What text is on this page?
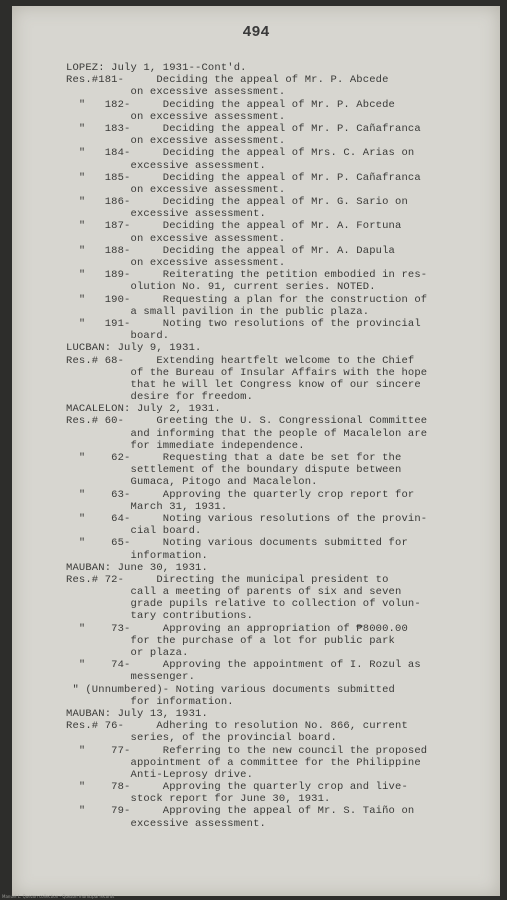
494
LOPEZ: July 1, 1931--Cont'd.
Res.#181-     Deciding the appeal of Mr. P. Abcede
on excessive assessment.
"   182-     Deciding the appeal of Mr. P. Abcede
on excessive assessment.
"   183-     Deciding the appeal of Mr. P. Cañafranca
on excessive assessment.
"   184-     Deciding the appeal of Mrs. C. Arias on
excessive assessment.
"   185-     Deciding the appeal of Mr. P. Cañafranca
on excessive assessment.
"   186-     Deciding the appeal of Mr. G. Sario on
excessive assessment.
"   187-     Deciding the appeal of Mr. A. Fortuna
on excessive assessment.
"   188-     Deciding the appeal of Mr. A. Dapula
on excessive assessment.
"   189-     Reiterating the petition embodied in res-
olution No. 91, current series. NOTED.
"   190-     Requesting a plan for the construction of
a small pavilion in the public plaza.
"   191-     Noting two resolutions of the provincial
board.
LUCBAN: July 9, 1931.
Res.# 68-     Extending heartfelt welcome to the Chief
of the Bureau of Insular Affairs with the hope
that he will let Congress know of our sincere
desire for freedom.
MACALELON: July 2, 1931.
Res.# 60-     Greeting the U. S. Congressional Committee
and informing that the people of Macalelon are
for immediate independence.
"    62-     Requesting that a date be set for the
settlement of the boundary dispute between
Gumaca, Pitogo and Macalelon.
"    63-     Approving the quarterly crop report for
March 31, 1931.
"    64-     Noting various resolutions of the provin-
cial board.
"    65-     Noting various documents submitted for
information.
MAUBAN: June 30, 1931.
Res.# 72-     Directing the municipal president to
call a meeting of parents of six and seven
grade pupils relative to collection of volun-
tary contributions.
"    73-     Approving an appropriation of ₱8000.00
for the purchase of a lot for public park
or plaza.
"    74-     Approving the appointment of I. Rozul as
messenger.
" (Unnumbered)- Noting various documents submitted
for information.
MAUBAN: July 13, 1931.
Res.# 76-     Adhering to resolution No. 866, current
series, of the provincial board.
"    77-     Referring to the new council the proposed
appointment of a committee for the Philippine
Anti-Leprosy drive.
"    78-     Approving the quarterly crop and live-
stock report for June 30, 1931.
"    79-     Approving the appeal of Mr. S. Taiño on
excessive assessment.
Manuel L. Quezon collection - Quezon municipal records
